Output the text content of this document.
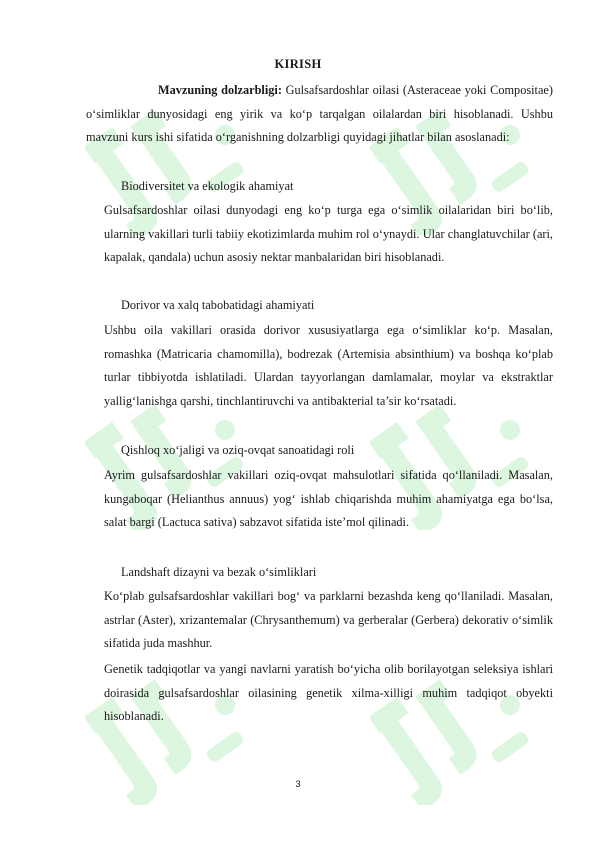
KIRISH
Mavzuning dolzarbligi: Gulsafsardoshlar oilasi (Asteraceae yoki Compositae) o‘simliklar dunyosidagi eng yirik va ko‘p tarqalgan oilalardan biri hisoblanadi. Ushbu mavzuni kurs ishi sifatida o‘rganishning dolzarbligi quyidagi jihatlar bilan asoslanadi:
Biodiversitet va ekologik ahamiyat
Gulsafsardoshlar oilasi dunyodagi eng ko‘p turga ega o‘simlik oilalaridan biri bo‘lib, ularning vakillari turli tabiiy ekotizimlarda muhim rol o‘ynaydi. Ular changlatuvchilar (ari, kapalak, qandala) uchun asosiy nektar manbalaridan biri hisoblanadi.
Dorivor va xalq tabobatidagi ahamiyati
Ushbu oila vakillari orasida dorivor xususiyatlarga ega o‘simliklar ko‘p. Masalan, romashka (Matricaria chamomilla), bodrezak (Artemisia absinthium) va boshqa ko‘plab turlar tibbiyotda ishlatiladi. Ulardan tayyorlangan damlamalar, moylar va ekstraktlar yallig‘lanishga qarshi, tinchlantiruvchi va antibakterial ta’sir ko‘rsatadi.
Qishloq xo‘jaligi va oziq-ovqat sanoatidagi roli
Ayrim gulsafsardoshlar vakillari oziq-ovqat mahsulotlari sifatida qo‘llaniladi. Masalan, kungaboqar (Helianthus annuus) yog‘ ishlab chiqarishda muhim ahamiyatga ega bo‘lsa, salat bargi (Lactuca sativa) sabzavot sifatida iste’mol qilinadi.
Landshaft dizayni va bezak o‘simliklari
Ko‘plab gulsafsardoshlar vakillari bog‘ va parklarni bezashda keng qo‘llaniladi. Masalan, astrlar (Aster), xrizantemalar (Chrysanthemum) va gerberalar (Gerbera) dekorativ o‘simlik sifatida juda mashhur.
Genetik tadqiqotlar va yangi navlarni yaratish bo‘yicha olib borilayotgan seleksiya ishlari doirasida gulsafsardoshlar oilasining genetik xilma-xilligi muhim tadqiqot obyekti hisoblanadi.
3
